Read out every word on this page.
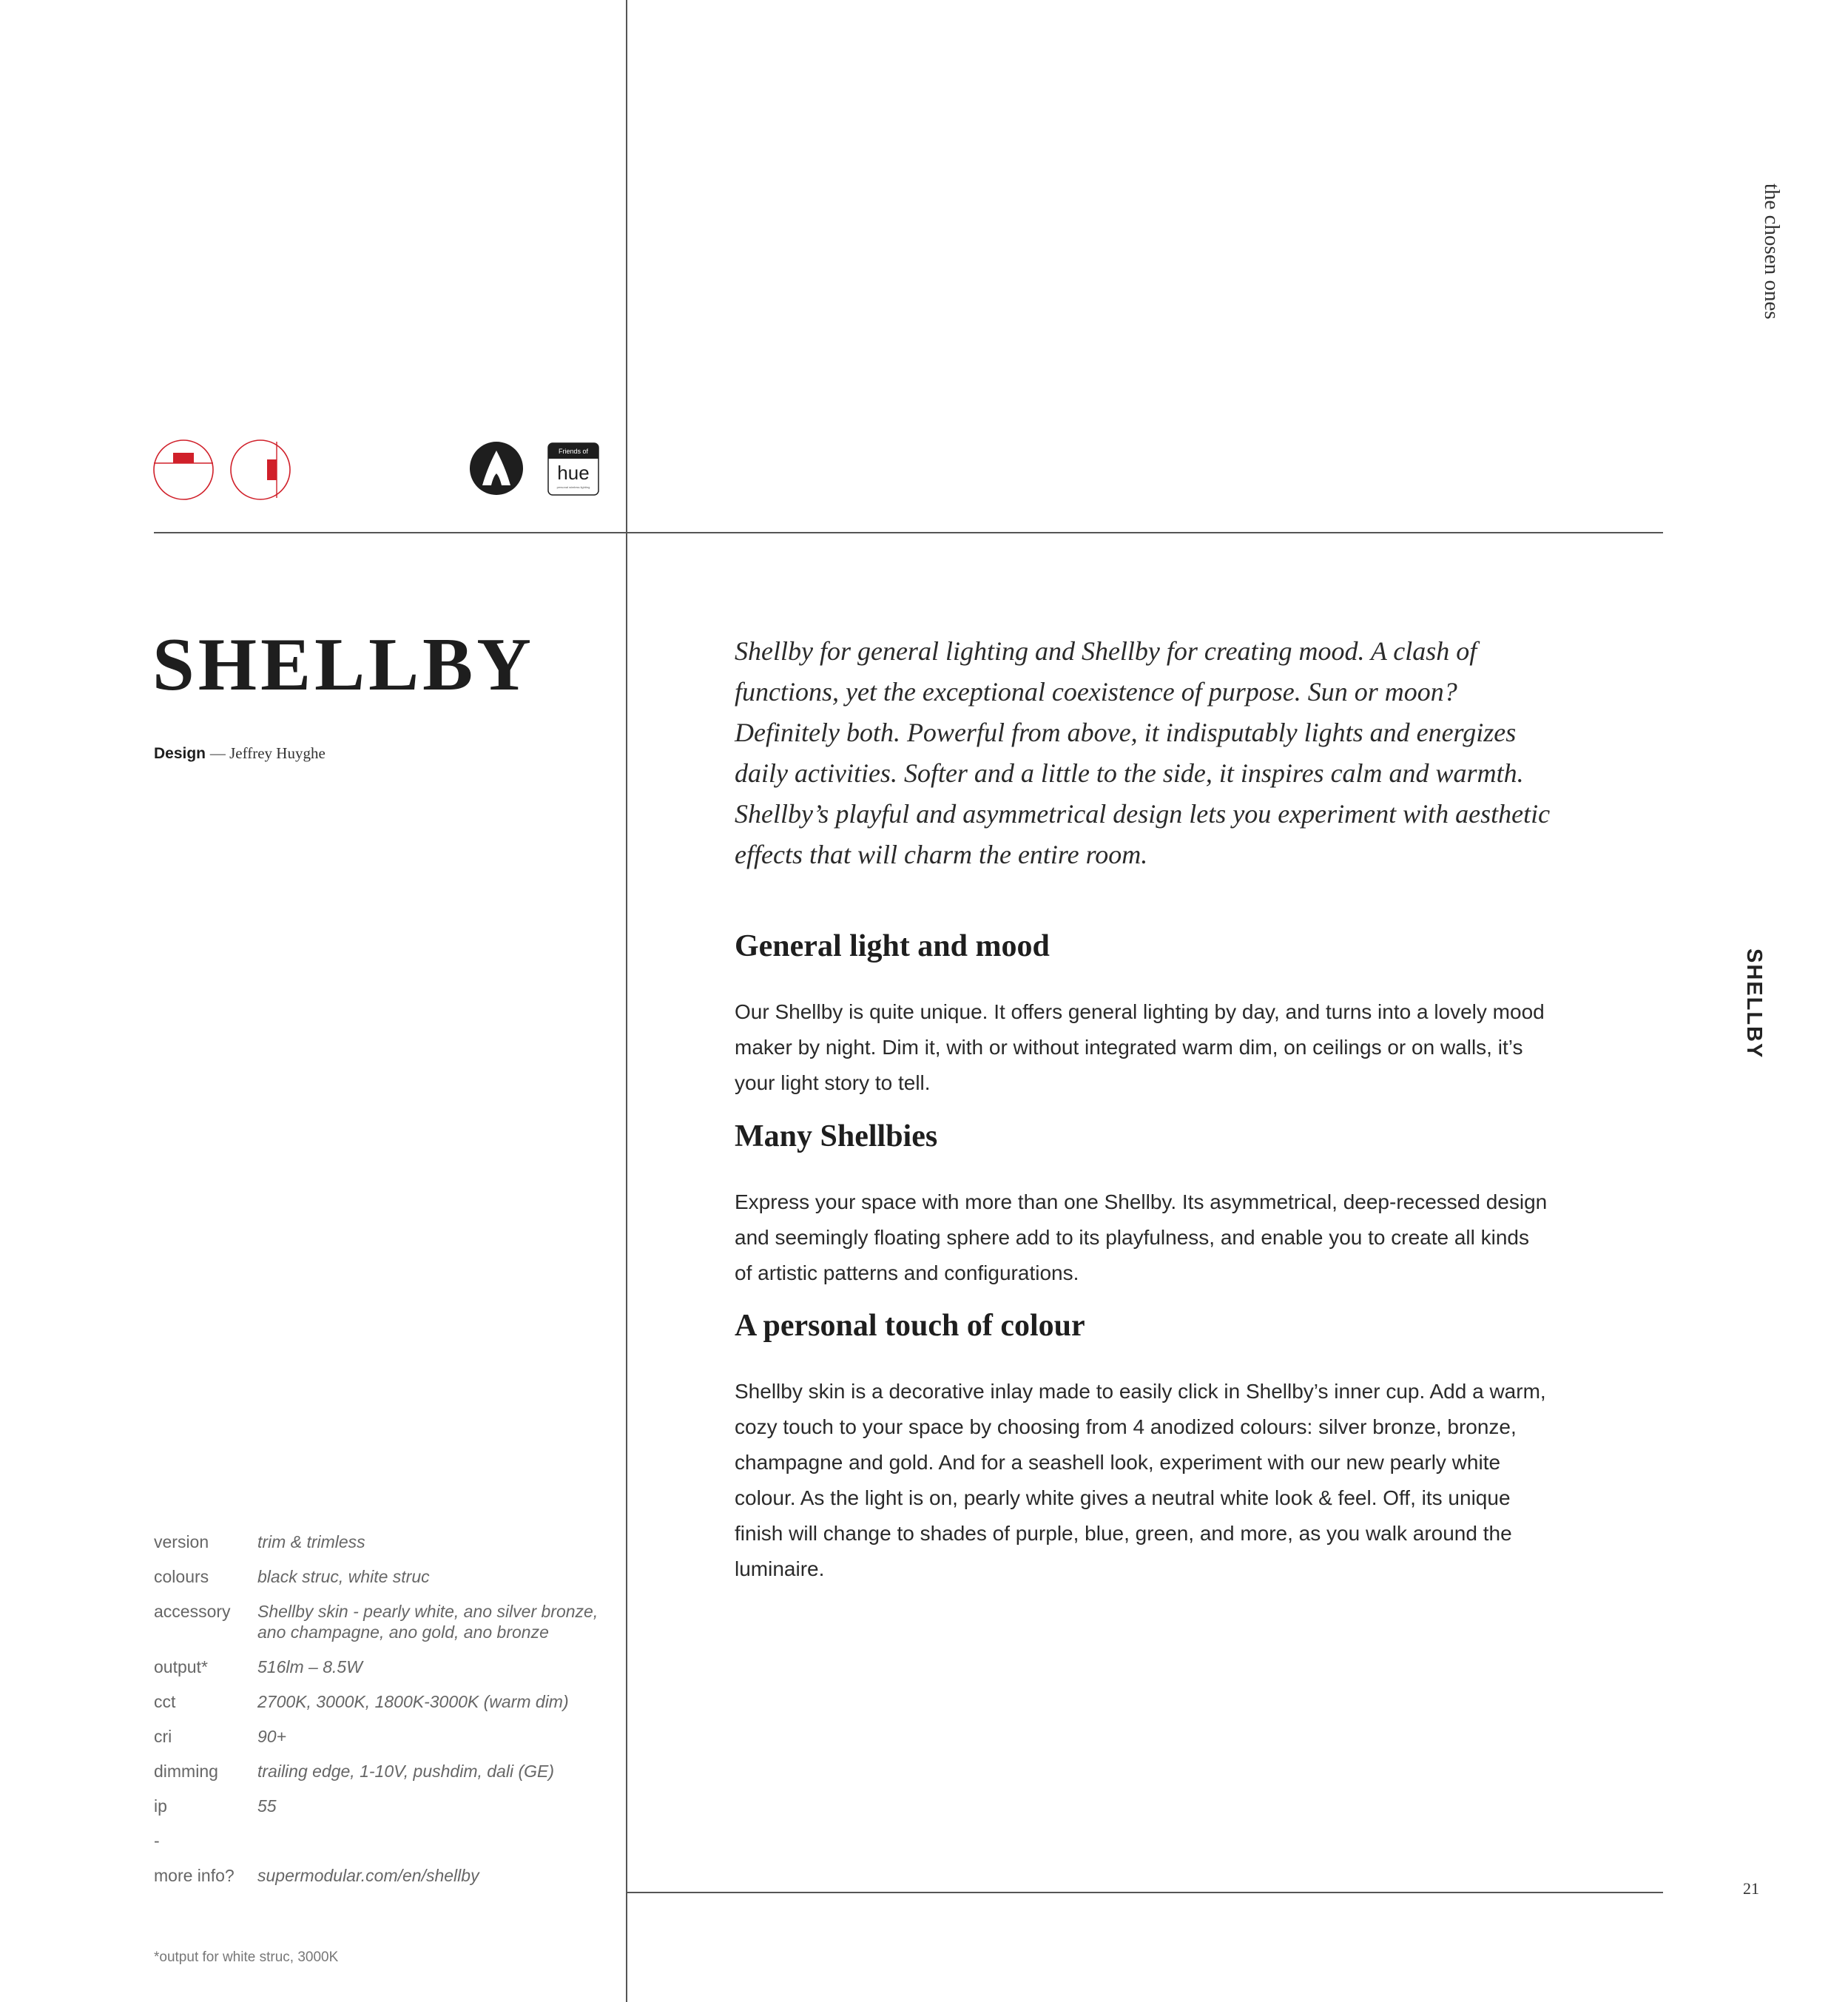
the chosen ones
SHELLBY
21
Friends of
hue
personal wireless lighting
SHELLBY
Design — Jeffrey Huyghe
version	trim & trimless
colours	black struc, white struc
accessory	Shellby skin - pearly white, ano silver bronze,
ano champagne, ano gold, ano bronze
output*	516lm – 8.5W
cct	2700K, 3000K, 1800K-3000K (warm dim)
cri	90+
dimming	trailing edge, 1-10V, pushdim, dali (GE)
ip	55
-
more info?	supermodular.com/en/shellby
*output for white struc, 3000K

Shellby for general lighting and Shellby for creating mood. A clash of functions, yet the exceptional coexistence of purpose. Sun or moon? Definitely both. Powerful from above, it indisputably lights and energizes daily activities. Softer and a little to the side, it inspires calm and warmth. Shellby’s playful and asymmetrical design lets you experiment with aesthetic effects that will charm the entire room.

General light and mood

Our Shellby is quite unique. It offers general lighting by day, and turns into a lovely mood maker by night. Dim it, with or without integrated warm dim, on ceilings or on walls, it’s your light story to tell.

Many Shellbies

Express your space with more than one Shellby. Its asymmetrical, deep-recessed design and seemingly floating sphere add to its playfulness, and enable you to create all kinds of artistic patterns and configurations.

A personal touch of colour

Shellby skin is a decorative inlay made to easily click in Shellby’s inner cup. Add a warm, cozy touch to your space by choosing from 4 anodized colours: silver bronze, bronze, champagne and gold. And for a seashell look, experiment with our new pearly white colour. As the light is on, pearly white gives a neutral white look & feel. Off, its unique finish will change to shades of purple, blue, green, and more, as you walk around the luminaire.
